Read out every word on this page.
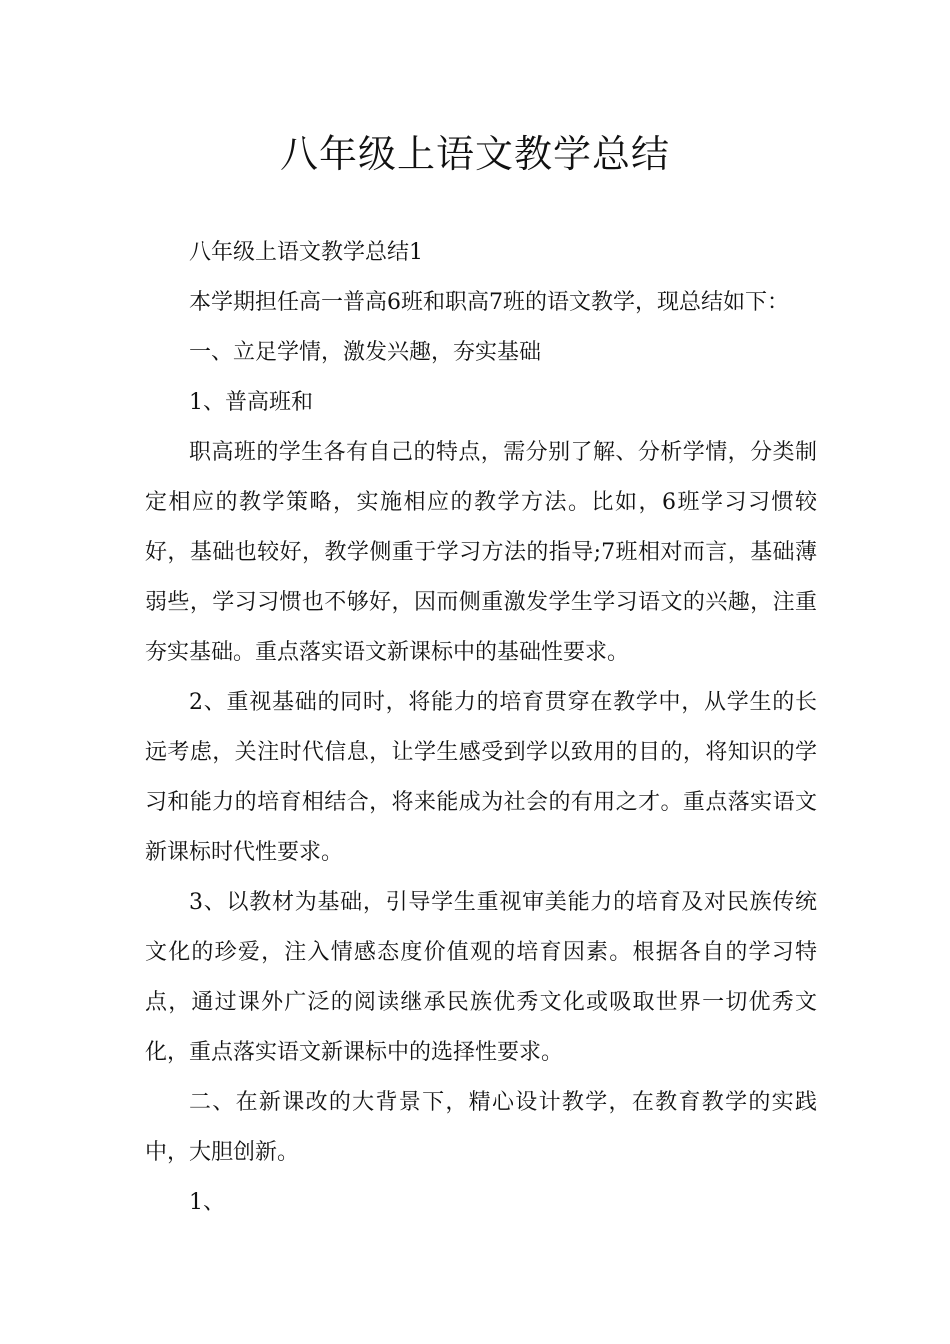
八年级上语文教学总结

八年级上语文教学总结1

本学期担任高一普高6班和职高7班的语文教学，现总结如下：

一、立足学情，激发兴趣，夯实基础

1、普高班和

职高班的学生各有自己的特点，需分别了解、分析学情，分类制定相应的教学策略，实施相应的教学方法。比如，6班学习习惯较好，基础也较好，教学侧重于学习方法的指导;7班相对而言，基础薄弱些，学习习惯也不够好，因而侧重激发学生学习语文的兴趣，注重夯实基础。重点落实语文新课标中的基础性要求。

2、重视基础的同时，将能力的培育贯穿在教学中，从学生的长远考虑，关注时代信息，让学生感受到学以致用的目的，将知识的学习和能力的培育相结合，将来能成为社会的有用之才。重点落实语文新课标时代性要求。

3、以教材为基础，引导学生重视审美能力的培育及对民族传统文化的珍爱，注入情感态度价值观的培育因素。根据各自的学习特点，通过课外广泛的阅读继承民族优秀文化或吸取世界一切优秀文化，重点落实语文新课标中的选择性要求。

二、在新课改的大背景下，精心设计教学，在教育教学的实践中，大胆创新。

1、
